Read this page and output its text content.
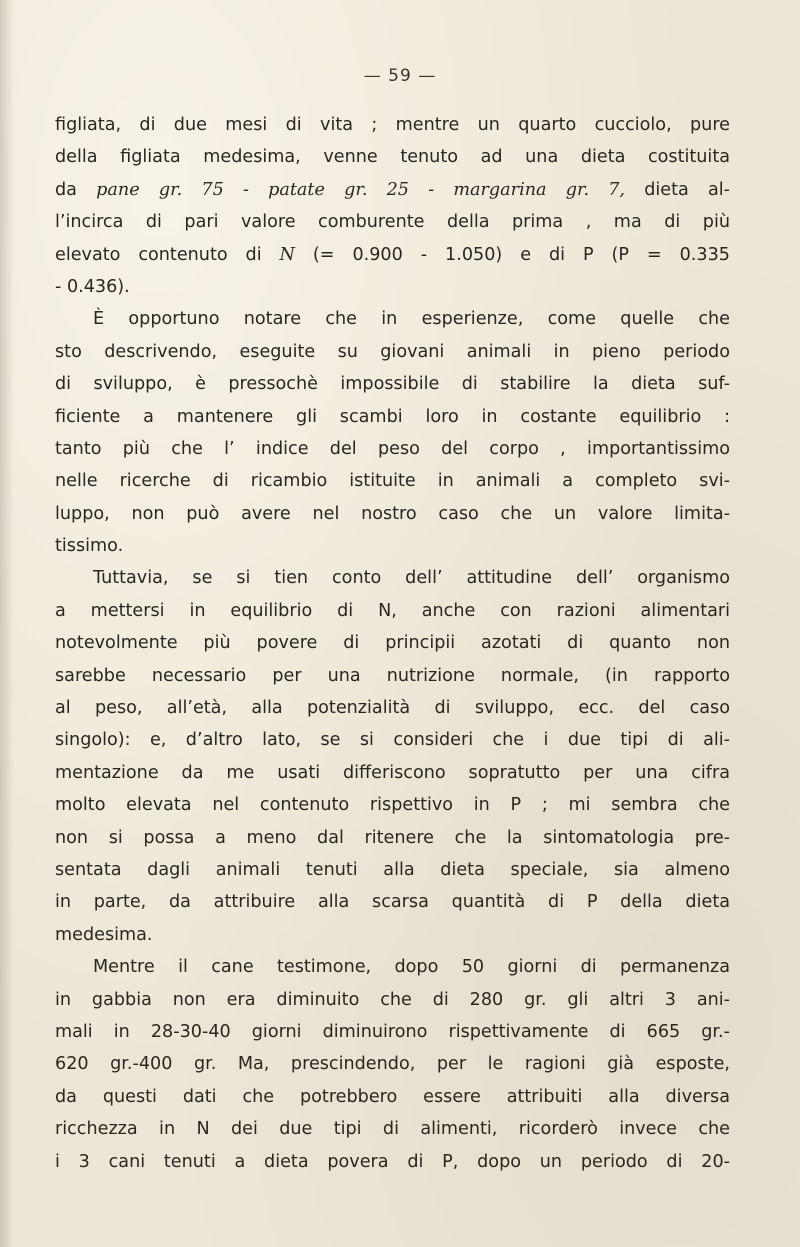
— 59 —
figliata, di due mesi di vita ; mentre un quarto cucciolo, pure
della figliata medesima, venne tenuto ad una dieta costituita
da pane gr. 75 - patate gr. 25 - margarina gr. 7, dieta al-
l’incirca di pari valore comburente della prima , ma di più
elevato contenuto di N (= 0.900 - 1.050) e di P (P = 0.335
- 0.436).
È opportuno notare che in esperienze, come quelle che
sto descrivendo, eseguite su giovani animali in pieno periodo
di sviluppo, è pressochè impossibile di stabilire la dieta suf-
ficiente a mantenere gli scambi loro in costante equilibrio :
tanto più che l’ indice del peso del corpo , importantissimo
nelle ricerche di ricambio istituite in animali a completo svi-
luppo, non può avere nel nostro caso che un valore limita-
tissimo.
Tuttavia, se si tien conto dell’ attitudine dell’ organismo
a mettersi in equilibrio di N, anche con razioni alimentari
notevolmente più povere di principii azotati di quanto non
sarebbe necessario per una nutrizione normale, (in rapporto
al peso, all’età, alla potenzialità di sviluppo, ecc. del caso
singolo): e, d’altro lato, se si consideri che i due tipi di ali-
mentazione da me usati differiscono sopratutto per una cifra
molto elevata nel contenuto rispettivo in P ; mi sembra che
non si possa a meno dal ritenere che la sintomatologia pre-
sentata dagli animali tenuti alla dieta speciale, sia almeno
in parte, da attribuire alla scarsa quantità di P della dieta
medesima.
Mentre il cane testimone, dopo 50 giorni di permanenza
in gabbia non era diminuito che di 280 gr. gli altri 3 ani-
mali in 28-30-40 giorni diminuirono rispettivamente di 665 gr.-
620 gr.-400 gr. Ma, prescindendo, per le ragioni già esposte,
da questi dati che potrebbero essere attribuiti alla diversa
ricchezza in N dei due tipi di alimenti, ricorderò invece che
i 3 cani tenuti a dieta povera di P, dopo un periodo di 20-
